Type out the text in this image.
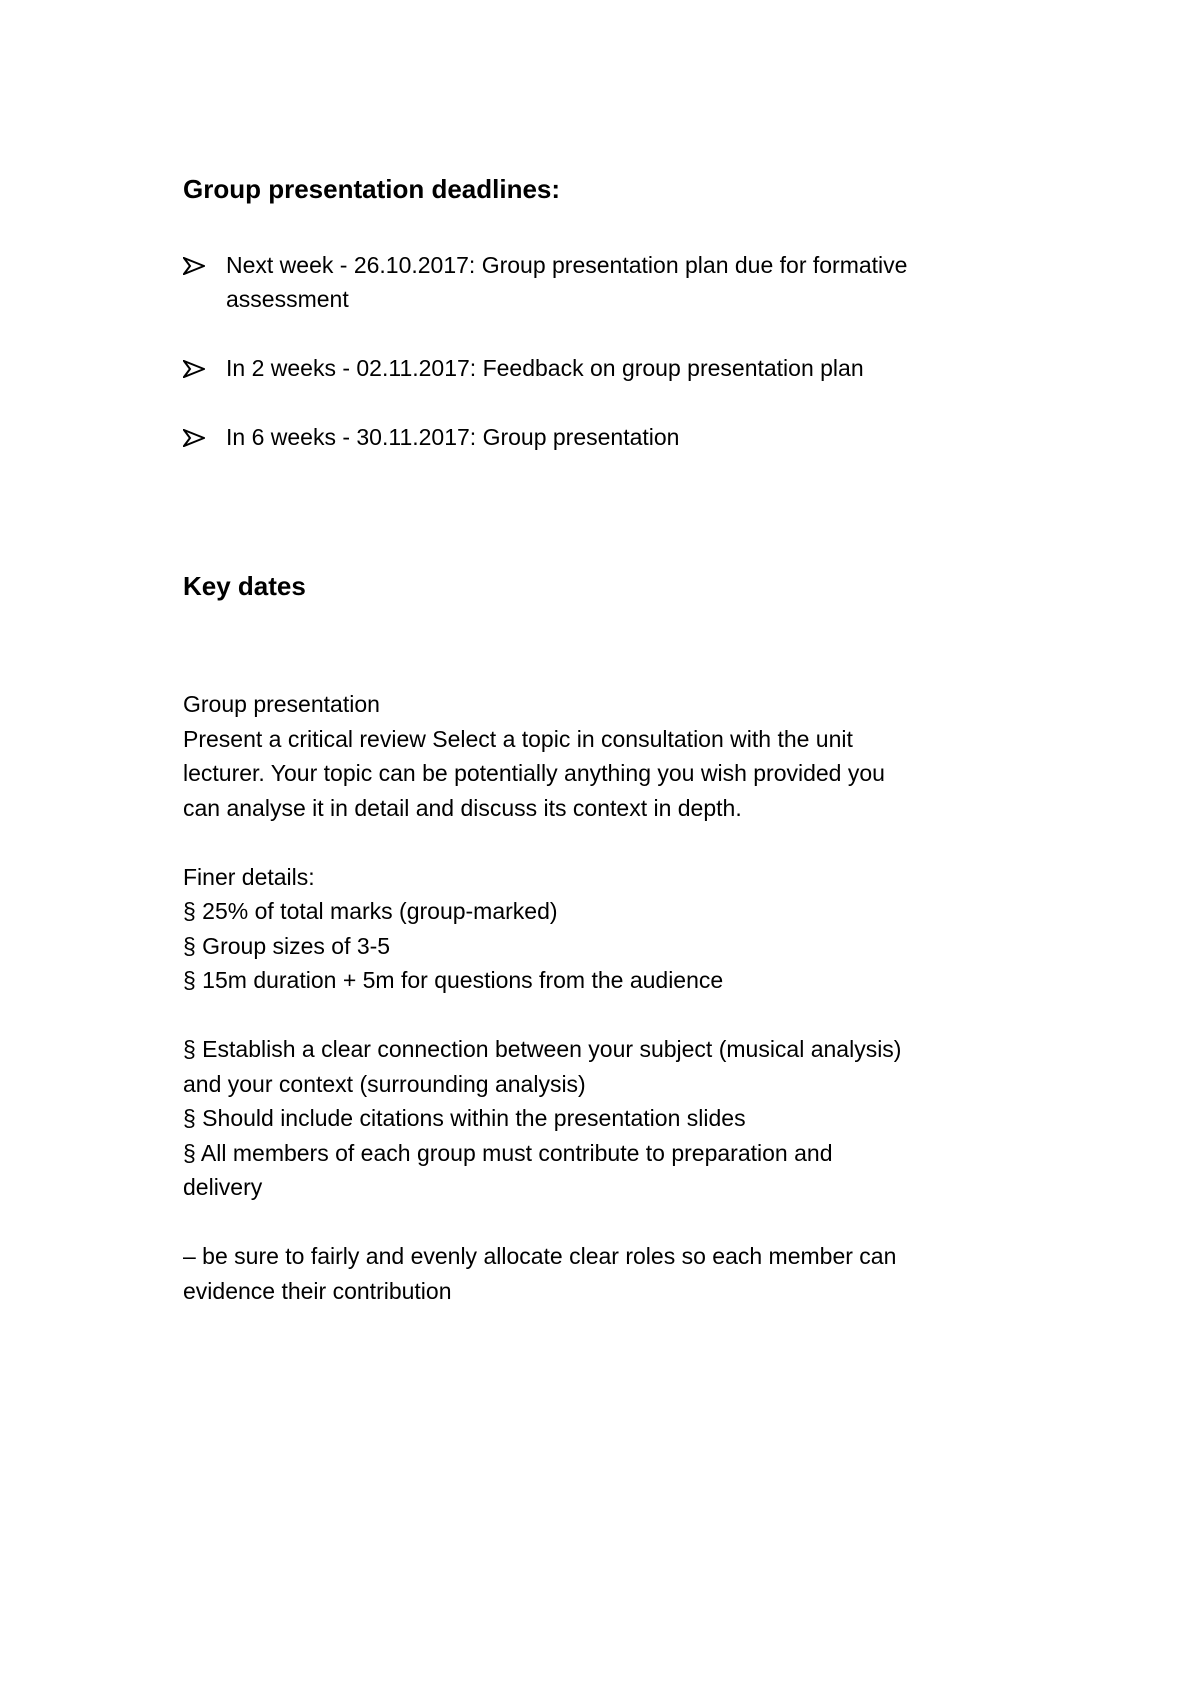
Group presentation deadlines:
Next week - 26.10.2017: Group presentation plan due for formative
assessment
In 2 weeks - 02.11.2017: Feedback on group presentation plan
In 6 weeks - 30.11.2017: Group presentation
Key dates
Group presentation
Present a critical review Select a topic in consultation with the unit
lecturer. Your topic can be potentially anything you wish provided you
can analyse it in detail and discuss its context in depth.
Finer details:
§ 25% of total marks (group-marked)
§ Group sizes of 3-5
§ 15m duration + 5m for questions from the audience
§ Establish a clear connection between your subject (musical analysis)
and your context (surrounding analysis)
§ Should include citations within the presentation slides
§ All members of each group must contribute to preparation and
delivery
– be sure to fairly and evenly allocate clear roles so each member can
evidence their contribution
